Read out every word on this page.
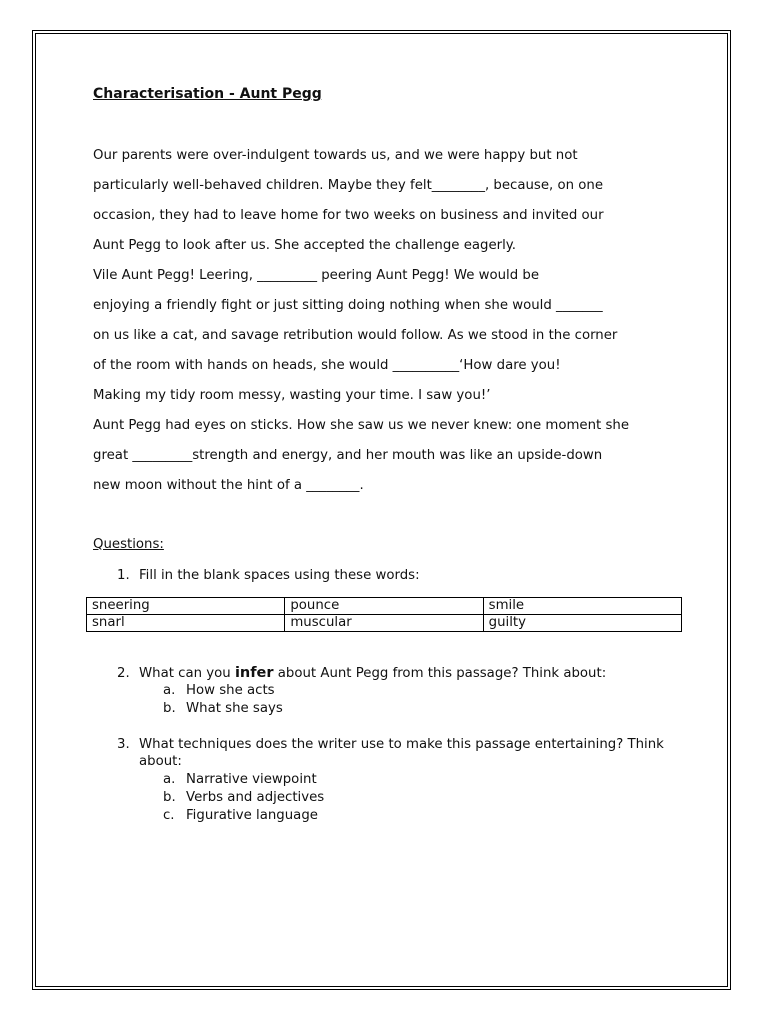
Characterisation - Aunt Pegg
Our parents were over-indulgent towards us, and we were happy but not
particularly well-behaved children. Maybe they felt________, because, on one
occasion, they had to leave home for two weeks on business and invited our
Aunt Pegg to look after us. She accepted the challenge eagerly.
Vile Aunt Pegg! Leering, _________ peering Aunt Pegg! We would be
enjoying a friendly fight or just sitting doing nothing when she would _______
on us like a cat, and savage retribution would follow. As we stood in the corner
of the room with hands on heads, she would __________‘How dare you!
Making my tidy room messy, wasting your time. I saw you!’
Aunt Pegg had eyes on sticks. How she saw us we never knew: one moment she
great _________strength and energy, and her mouth was like an upside-down
new moon without the hint of a ________.
Questions:
1. Fill in the blank spaces using these words:
sneering	pounce	smile
snarl	muscular	guilty
2. What can you infer about Aunt Pegg from this passage? Think about:
a. How she acts
b. What she says
3. What techniques does the writer use to make this passage entertaining? Think
about:
a. Narrative viewpoint
b. Verbs and adjectives
c. Figurative language
